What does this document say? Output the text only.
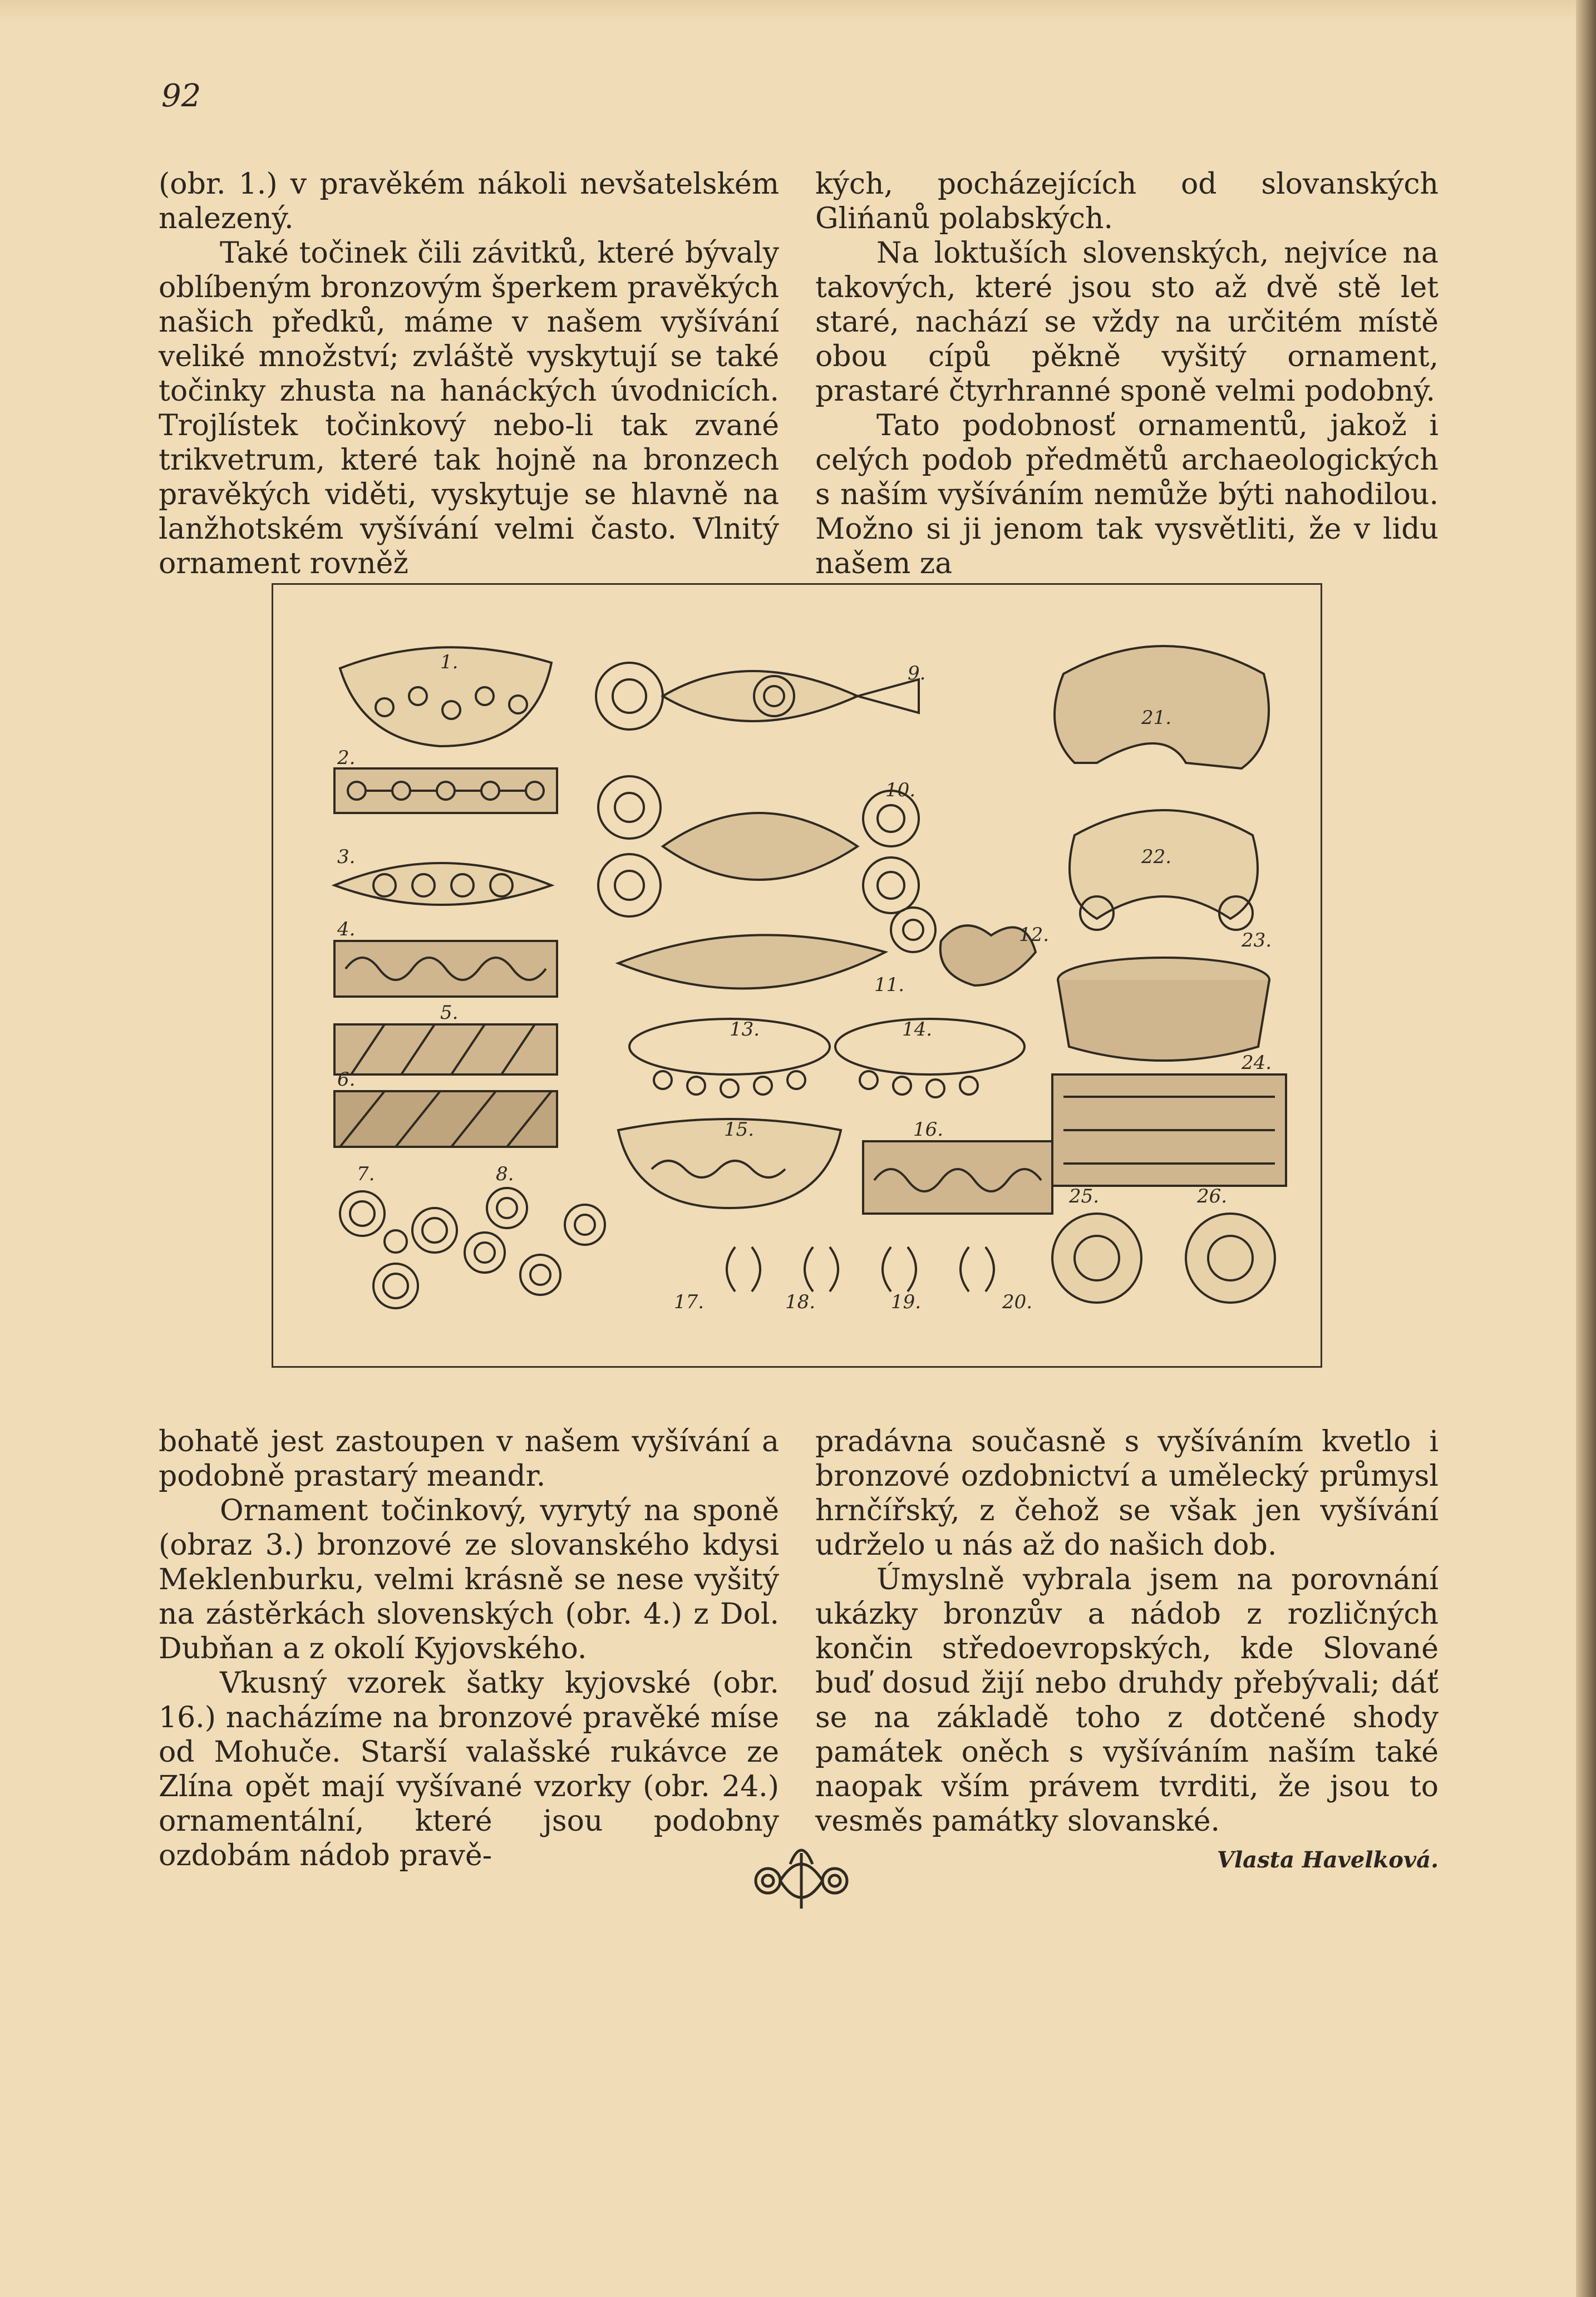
92

(obr. 1.) v pravěkém nákoli nevšatelském nalezený.

Také točinek čili závitků, které bývaly oblíbeným bronzovým šperkem pravěkých našich předků, máme v našem vyšívání veliké množství; zvláště vyskytují se také točinky zhusta na hanáckých úvodnicích. Trojlístek točinkový nebo-li tak zvané trikvetrum, které tak hojně na bronzech pravěkých viděti, vyskytuje se hlavně na lanžhotském vyšívání velmi často. Vlnitý ornament rovněž

kých, pocházejících od slovanských Glińanů polabských.

Na loktuších slovenských, nejvíce na takových, které jsou sto až dvě stě let staré, nachází se vždy na určitém místě obou cípů pěkně vyšitý ornament, prastaré čtyrhranné sponě velmi podobný.

Tato podobnosť ornamentů, jakož i celých podob předmětů archaeologických s naším vyšíváním nemůže býti nahodilou. Možno si ji jenom tak vysvětliti, že v lidu našem za

1.
2.
3.
4.
5.
6.
7.	8.
9.
10.
11.
12.
13.	14.
15.	16.
17.	18.	19.	20.
21.
22.
23.
24.
25.	26.

bohatě jest zastoupen v našem vyšívání a podobně prastarý meandr.

Ornament točinkový, vyrytý na sponě (obraz 3.) bronzové ze slovanského kdysi Meklenburku, velmi krásně se nese vyšitý na zástěrkách slovenských (obr. 4.) z Dol. Dubňan a z okolí Kyjovského.

Vkusný vzorek šatky kyjovské (obr. 16.) nacházíme na bronzové pravěké míse od Mohuče. Starší valašské rukávce ze Zlína opět mají vyšívané vzorky (obr. 24.) ornamentální, které jsou podobny ozdobám nádob pravě-

pradávna současně s vyšíváním kvetlo i bronzové ozdobnictví a umělecký průmysl hrnčířský, z čehož se však jen vyšívání udrželo u nás až do našich dob.

Úmyslně vybrala jsem na porovnání ukázky bronzův a nádob z rozličných končin středoevropských, kde Slované buď dosud žijí nebo druhdy přebývali; dáť se na základě toho z dotčené shody památek oněch s vyšíváním naším také naopak vším právem tvrditi, že jsou to vesměs památky slovanské.

Vlasta Havelková.
